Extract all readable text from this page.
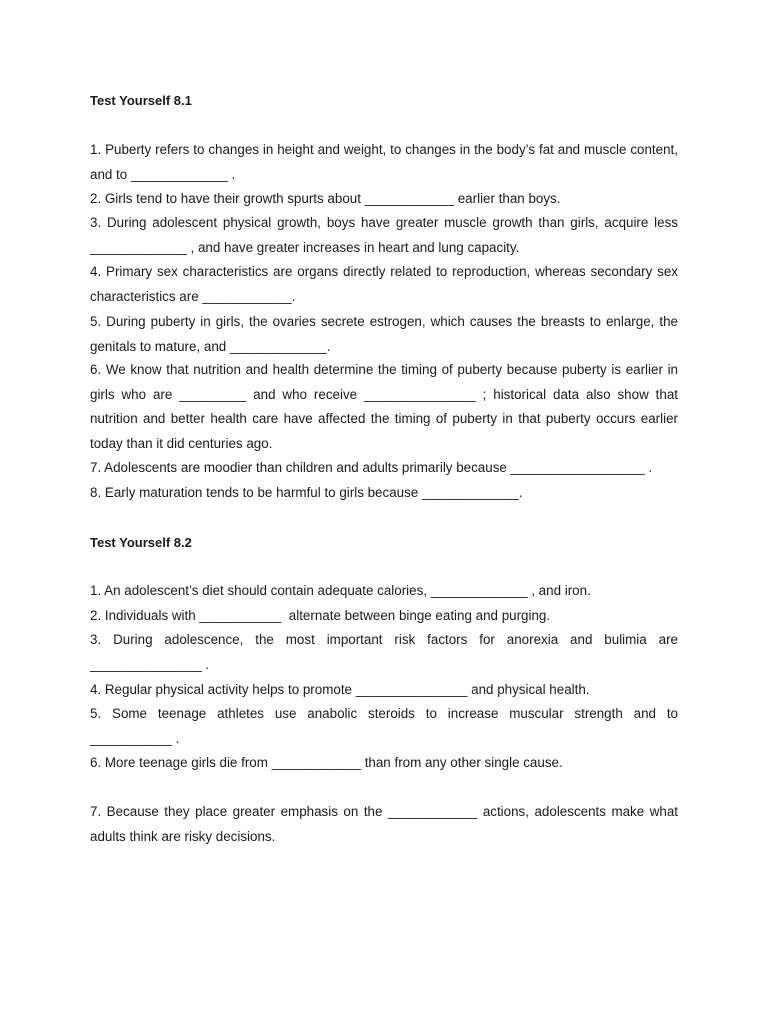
Test Yourself 8.1
1. Puberty refers to changes in height and weight, to changes in the body’s fat and muscle content, and to _____________ .
2. Girls tend to have their growth spurts about ____________ earlier than boys.
3. During adolescent physical growth, boys have greater muscle growth than girls, acquire less _____________ , and have greater increases in heart and lung capacity.
4. Primary sex characteristics are organs directly related to reproduction, whereas secondary sex characteristics are ____________.
5. During puberty in girls, the ovaries secrete estrogen, which causes the breasts to enlarge, the genitals to mature, and _____________.
6. We know that nutrition and health determine the timing of puberty because puberty is earlier in girls who are _________ and who receive _______________ ; historical data also show that nutrition and better health care have affected the timing of puberty in that puberty occurs earlier today than it did centuries ago.
7. Adolescents are moodier than children and adults primarily because __________________ .
8. Early maturation tends to be harmful to girls because _____________.
Test Yourself 8.2
1. An adolescent’s diet should contain adequate calories, _____________ , and iron.
2. Individuals with ___________  alternate between binge eating and purging.
3. During adolescence, the most important risk factors for anorexia and bulimia are _______________ .
4. Regular physical activity helps to promote _______________ and physical health.
5. Some teenage athletes use anabolic steroids to increase muscular strength and to ___________ .
6. More teenage girls die from ____________ than from any other single cause.
7. Because they place greater emphasis on the ____________ actions, adolescents make what adults think are risky decisions.
